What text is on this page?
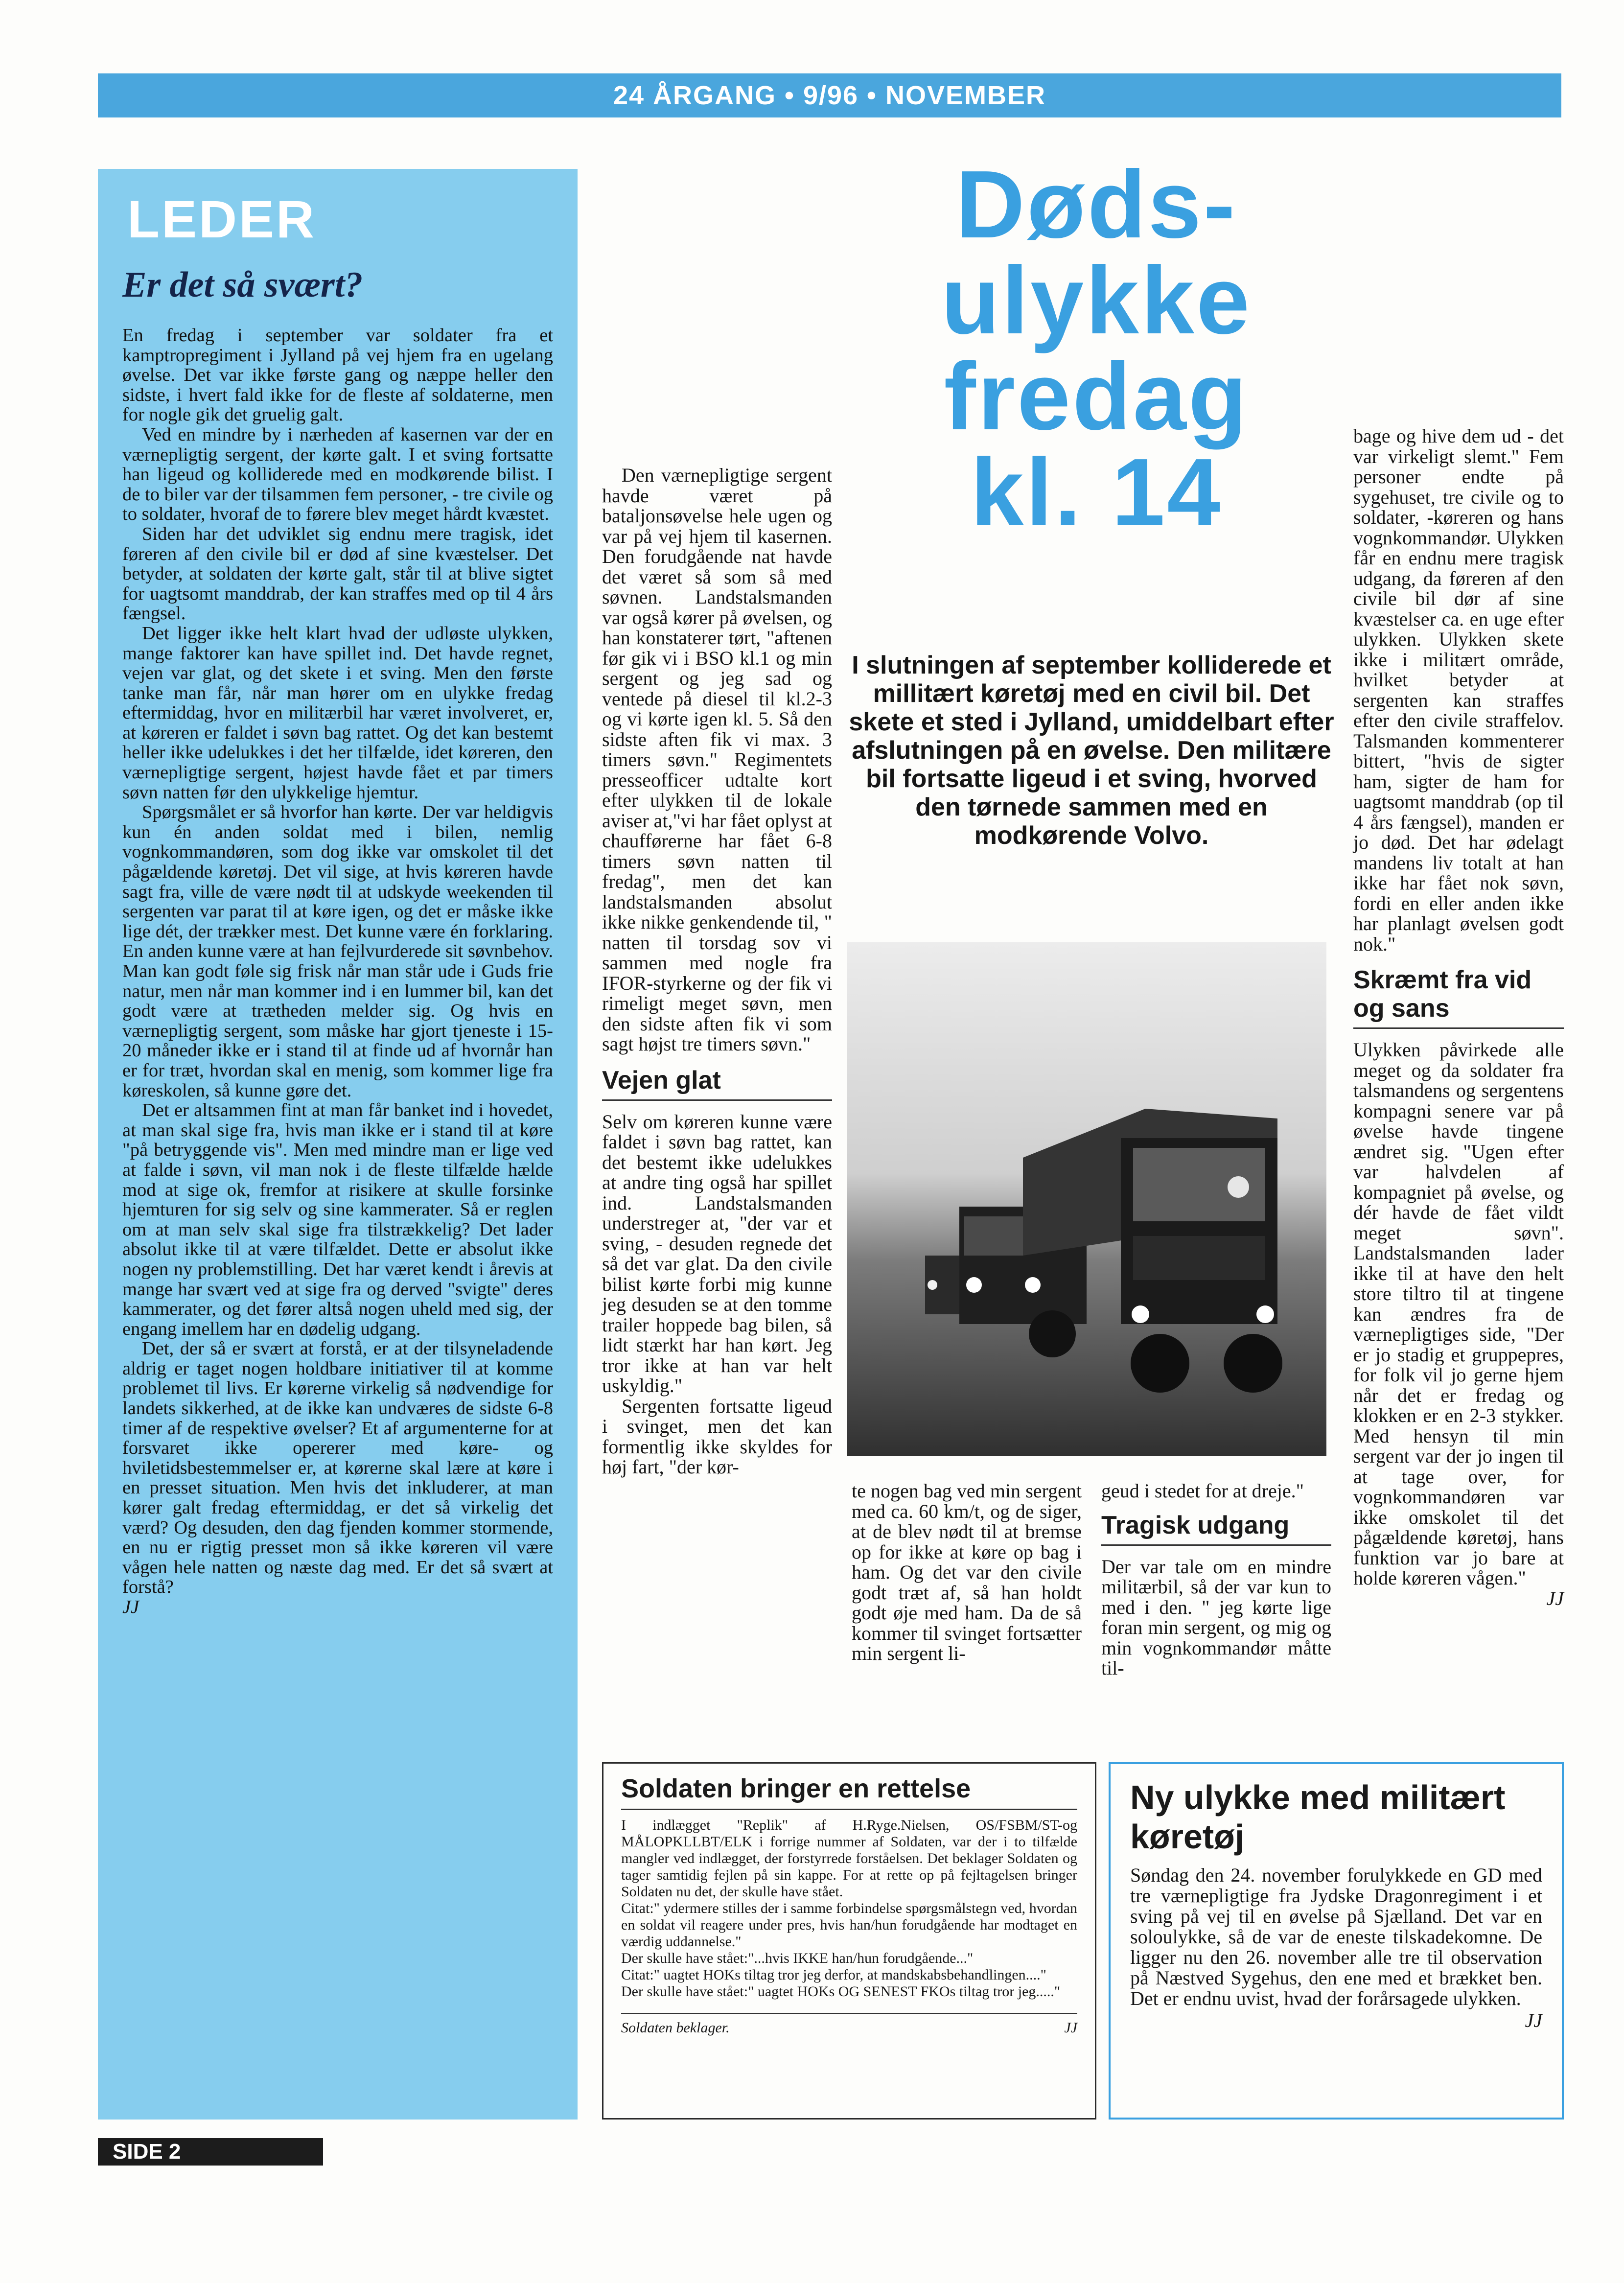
24 ÅRGANG • 9/96 • NOVEMBER
LEDER
Er det så svært?

En fredag i september var soldater fra et kamptropregiment i Jylland på vej hjem fra en ugelang øvelse. Det var ikke første gang og næppe heller den sidste, i hvert fald ikke for de fleste af soldaterne, men for nogle gik det gruelig galt.

Ved en mindre by i nærheden af kasernen var der en værnepligtig sergent, der kørte galt. I et sving fortsatte han ligeud og kolliderede med en modkørende bilist. I de to biler var der tilsammen fem personer, - tre civile og to soldater, hvoraf de to førere blev meget hårdt kvæstet.

Siden har det udviklet sig endnu mere tragisk, idet føreren af den civile bil er død af sine kvæstelser. Det betyder, at soldaten der kørte galt, står til at blive sigtet for uagtsomt manddrab, der kan straffes med op til 4 års fængsel.

Det ligger ikke helt klart hvad der udløste ulykken, mange faktorer kan have spillet ind. Det havde regnet, vejen var glat, og det skete i et sving. Men den første tanke man får, når man hører om en ulykke fredag eftermiddag, hvor en militærbil har været involveret, er, at køreren er faldet i søvn bag rattet. Og det kan bestemt heller ikke udelukkes i det her tilfælde, idet køreren, den værnepligtige sergent, højest havde fået et par timers søvn natten før den ulykkelige hjemtur.

Spørgsmålet er så hvorfor han kørte. Der var heldigvis kun én anden soldat med i bilen, nemlig vognkommandøren, som dog ikke var omskolet til det pågældende køretøj. Det vil sige, at hvis køreren havde sagt fra, ville de være nødt til at udskyde weekenden til sergenten var parat til at køre igen, og det er måske ikke lige dét, der trækker mest. Det kunne være én forklaring. En anden kunne være at han fejlvurderede sit søvnbehov. Man kan godt føle sig frisk når man står ude i Guds frie natur, men når man kommer ind i en lummer bil, kan det godt være at trætheden melder sig. Og hvis en værnepligtig sergent, som måske har gjort tjeneste i 15-20 måneder ikke er i stand til at finde ud af hvornår han er for træt, hvordan skal en menig, som kommer lige fra køreskolen, så kunne gøre det.

Det er altsammen fint at man får banket ind i hovedet, at man skal sige fra, hvis man ikke er i stand til at køre "på betryggende vis". Men med mindre man er lige ved at falde i søvn, vil man nok i de fleste tilfælde hælde mod at sige ok, fremfor at risikere at skulle forsinke hjemturen for sig selv og sine kammerater. Så er reglen om at man selv skal sige fra tilstrækkelig? Det lader absolut ikke til at være tilfældet. Dette er absolut ikke nogen ny problemstilling. Det har været kendt i årevis at mange har svært ved at sige fra og derved "svigte" deres kammerater, og det fører altså nogen uheld med sig, der engang imellem har en dødelig udgang.

Det, der så er svært at forstå, er at der tilsyneladende aldrig er taget nogen holdbare initiativer til at komme problemet til livs. Er kørerne virkelig så nødvendige for landets sikkerhed, at de ikke kan undværes de sidste 6-8 timer af de respektive øvelser? Et af argumenterne for at forsvaret ikke opererer med køre- og hviletidsbestemmelser er, at kørerne skal lære at køre i en presset situation. Men hvis det inkluderer, at man kører galt fredag eftermiddag, er det så virkelig det værd? Og desuden, den dag fjenden kommer stormende, en nu er rigtig presset mon så ikke køreren vil være vågen hele natten og næste dag med. Er det så svært at forstå?

JJ

Døds-
ulykke
fredag
kl. 14
I slutningen af september kolliderede et millitært køretøj med en civil bil. Det skete et sted i Jylland, umiddelbart efter afslutningen på en øvelse. Den militære bil fortsatte ligeud i et sving, hvorved den tørnede sammen med en modkørende Volvo.

Den værnepligtige sergent havde været på bataljonsøvelse hele ugen og var på vej hjem til kasernen. Den forudgående nat havde det været så som så med søvnen. Landstalsmanden var også kører på øvelsen, og han konstaterer tørt, "aftenen før gik vi i BSO kl.1 og min sergent og jeg sad og ventede på diesel til kl.2-3 og vi kørte igen kl. 5. Så den sidste aften fik vi max. 3 timers søvn." Regimentets presseofficer udtalte kort efter ulykken til de lokale aviser at,"vi har fået oplyst at chaufførerne har fået 6-8 timers søvn natten til fredag", men det kan landstalsmanden absolut ikke nikke genkendende til, " natten til torsdag sov vi sammen med nogle fra IFOR-styrkerne og der fik vi rimeligt meget søvn, men den sidste aften fik vi som sagt højst tre timers søvn."

Vejen glat

Selv om køreren kunne være faldet i søvn bag rattet, kan det bestemt ikke udelukkes at andre ting også har spillet ind. Landstalsmanden understreger at, "der var et sving, - desuden regnede det så det var glat. Da den civile bilist kørte forbi mig kunne jeg desuden se at den tomme trailer hoppede bag bilen, så lidt stærkt har han kørt. Jeg tror ikke at han var helt uskyldig."

Sergenten fortsatte ligeud i svinget, men det kan formentlig ikke skyldes for høj fart, "der kør-

te nogen bag ved min sergent med ca. 60 km/t, og de siger, at de blev nødt til at bremse op for ikke at køre op bag i ham. Og det var den civile godt træt af, så han holdt godt øje med ham. Da de så kommer til svinget fortsætter min sergent li-

geud i stedet for at dreje."

Tragisk udgang

Der var tale om en mindre militærbil, så der var kun to med i den. " jeg kørte lige foran min sergent, og mig og min vognkommandør måtte til-

bage og hive dem ud - det var virkeligt slemt." Fem personer endte på sygehuset, tre civile og to soldater, -køreren og hans vognkommandør. Ulykken får en endnu mere tragisk udgang, da føreren af den civile bil dør af sine kvæstelser ca. en uge efter ulykken. Ulykken skete ikke i militært område, hvilket betyder at sergenten kan straffes efter den civile straffelov. Talsmanden kommenterer bittert, "hvis de sigter ham, sigter de ham for uagtsomt manddrab (op til 4 års fængsel), manden er jo død. Det har ødelagt mandens liv totalt at han ikke har fået nok søvn, fordi en eller anden ikke har planlagt øvelsen godt nok."

Skræmt fra vid og sans

Ulykken påvirkede alle meget og da soldater fra talsmandens og sergentens kompagni senere var på øvelse havde tingene ændret sig. "Ugen efter var halvdelen af kompagniet på øvelse, og dér havde de fået vildt meget søvn". Landstalsmanden lader ikke til at have den helt store tiltro til at tingene kan ændres fra de værnepligtiges side, "Der er jo stadig et gruppepres, for folk vil jo gerne hjem når det er fredag og klokken er en 2-3 stykker. Med hensyn til min sergent var der jo ingen til at tage over, for vognkommandøren var ikke omskolet til det pågældende køretøj, hans funktion var jo bare at holde køreren vågen."

JJ

Soldaten bringer en rettelse

I indlægget "Replik" af H.Ryge.Nielsen, OS/FSBM/ST-og MÅLOPKLLBT/ELK i forrige nummer af Soldaten, var der i to tilfælde mangler ved indlægget, der forstyrrede forståelsen. Det beklager Soldaten og tager samtidig fejlen på sin kappe. For at rette op på fejltagelsen bringer Soldaten nu det, der skulle have stået.

Citat:" ydermere stilles der i samme forbindelse spørgsmålstegn ved, hvordan en soldat vil reagere under pres, hvis han/hun forudgående har modtaget en værdig uddannelse."

Der skulle have stået:"...hvis IKKE han/hun forudgående..."

Citat:" uagtet HOKs tiltag tror jeg derfor, at mandskabsbehandlingen...."

Der skulle have stået:" uagtet HOKs OG SENEST FKOs tiltag tror jeg....."

Soldaten beklager.	JJ
Ny ulykke med militært køretøj
Søndag den 24. november forulykkede en GD med tre værnepligtige fra Jydske Dragonregiment i et sving på vej til en øvelse på Sjælland. Det var en soloulykke, så de var de eneste tilskadekomne. De ligger nu den 26. november alle tre til observation på Næstved Sygehus, den ene med et brækket ben. Det er endnu uvist, hvad der forårsagede ulykken.
JJ
SIDE 2
